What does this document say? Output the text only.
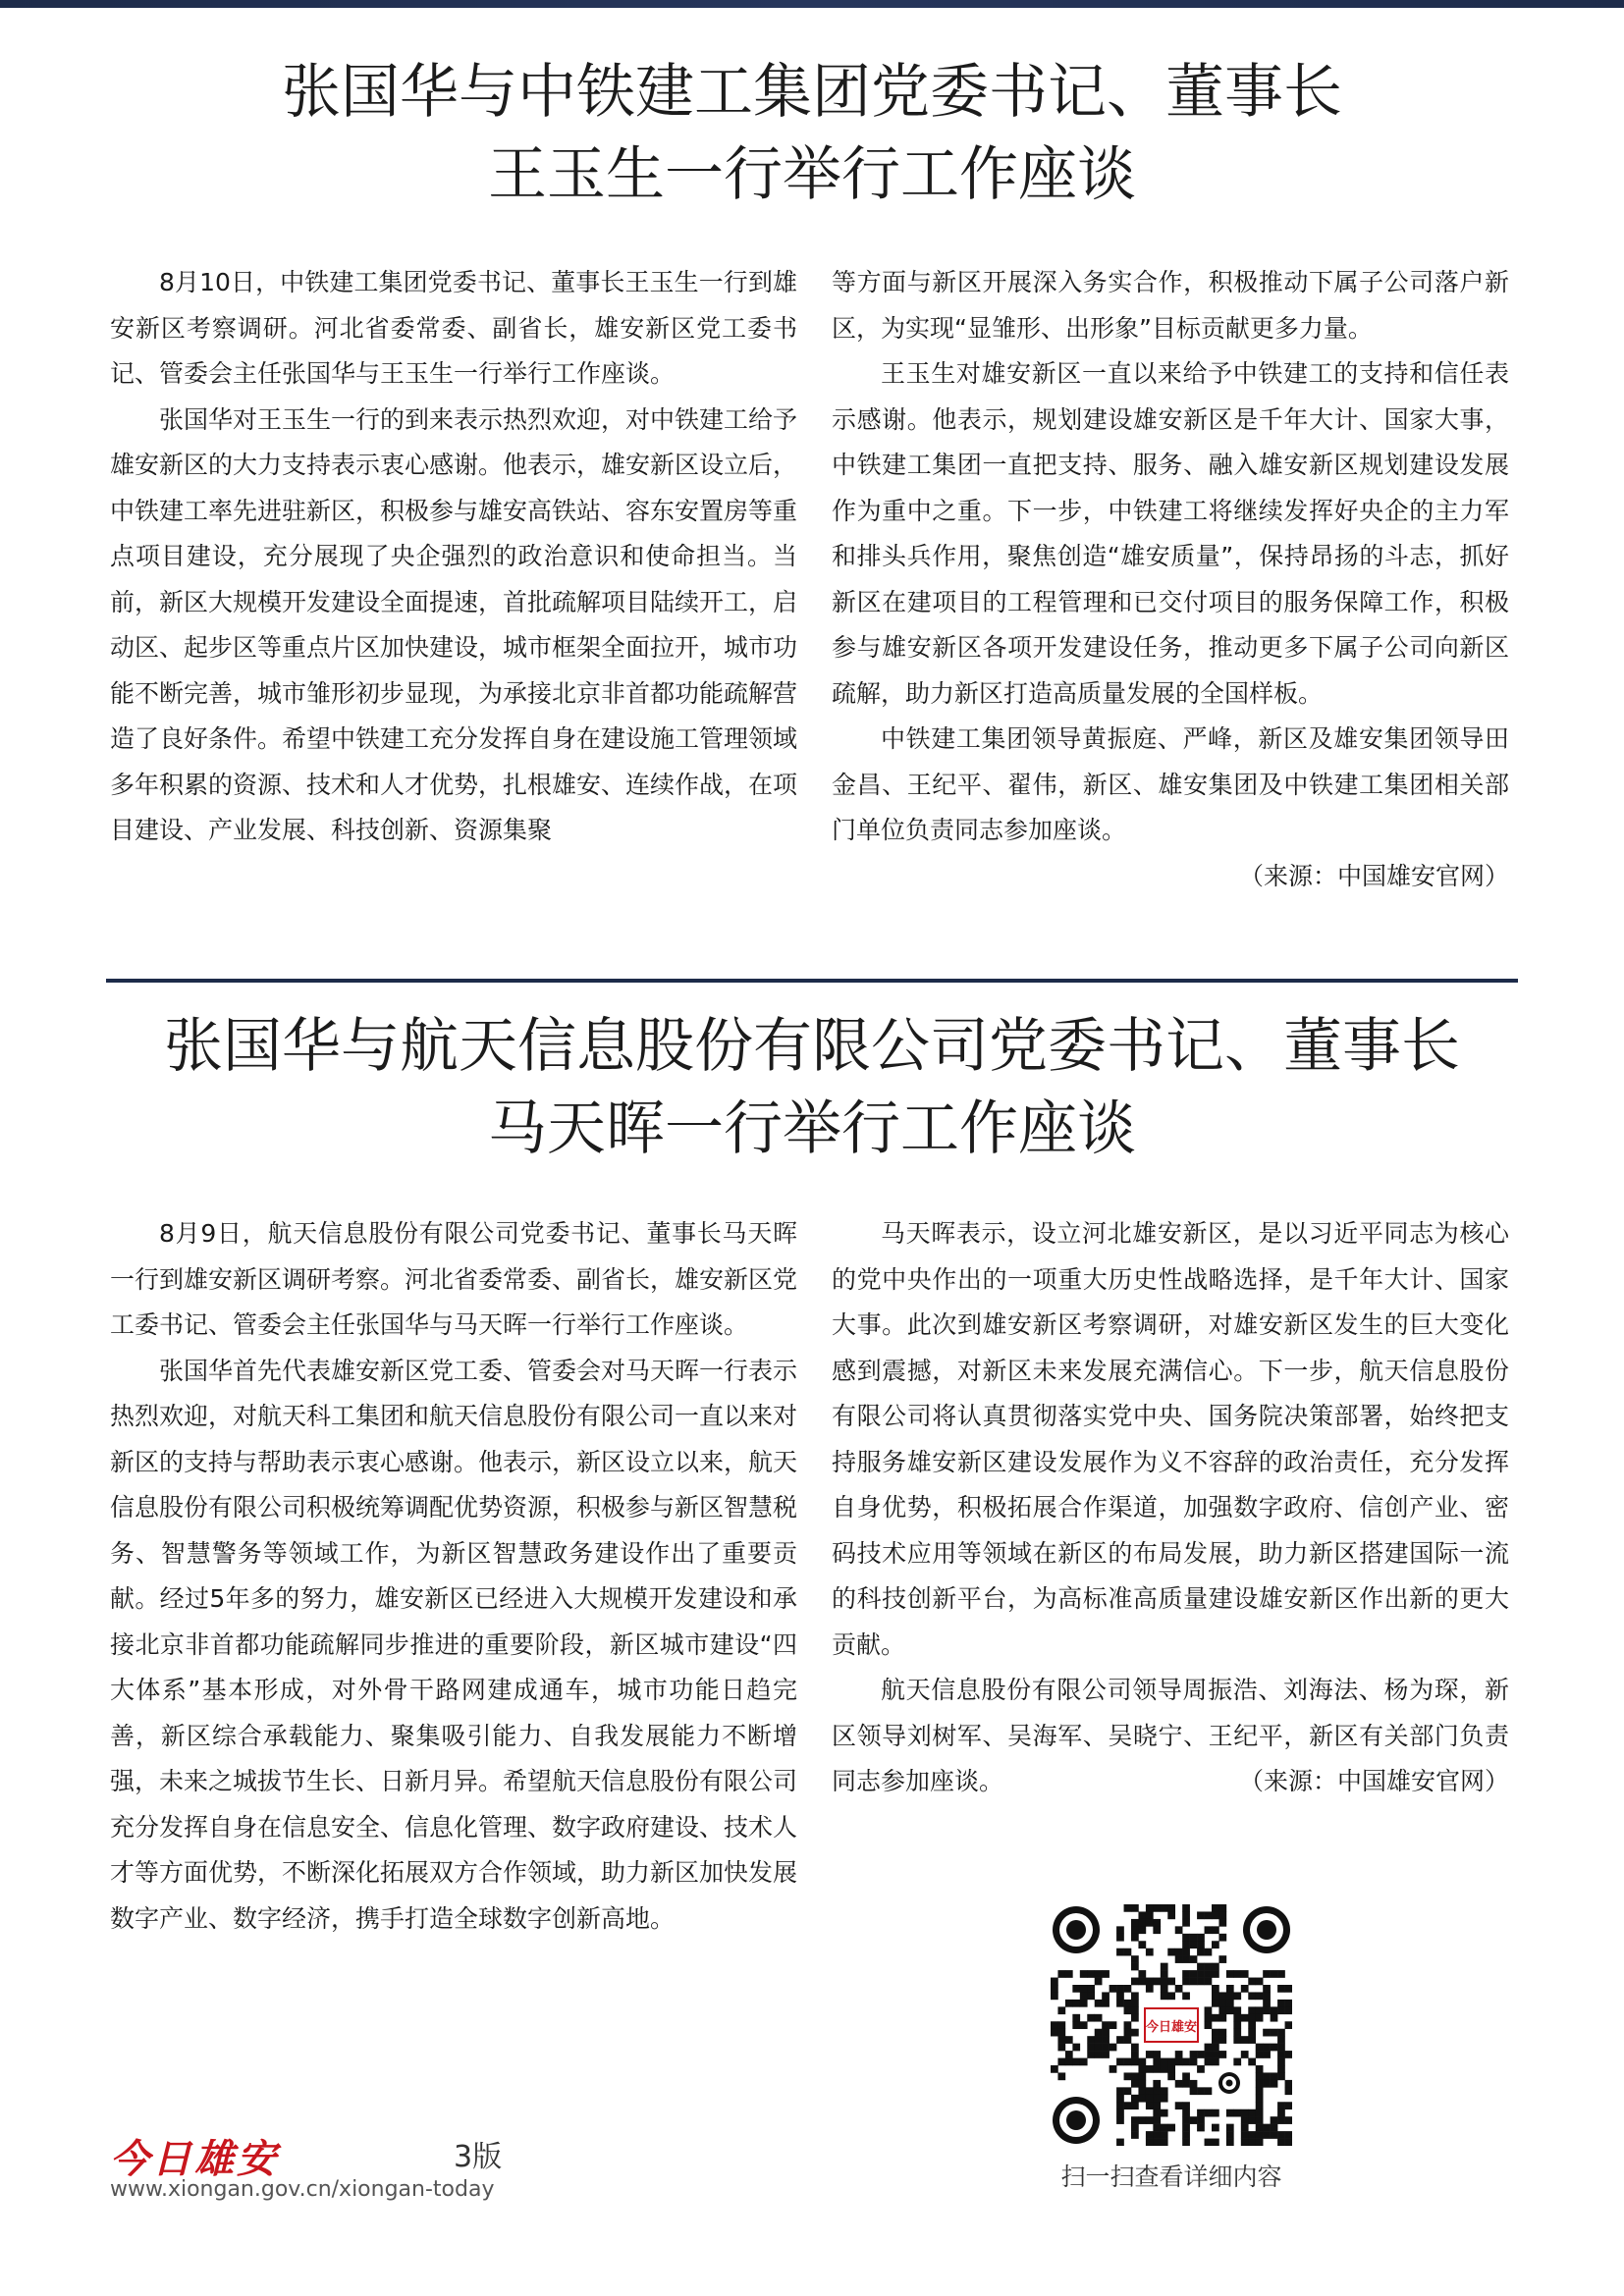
张国华与中铁建工集团党委书记、董事长
王玉生一行举行工作座谈

8月10日，中铁建工集团党委书记、董事长王玉生一行到雄安新区考察调研。河北省委常委、副省长，雄安新区党工委书记、管委会主任张国华与王玉生一行举行工作座谈。

张国华对王玉生一行的到来表示热烈欢迎，对中铁建工给予雄安新区的大力支持表示衷心感谢。他表示，雄安新区设立后，中铁建工率先进驻新区，积极参与雄安高铁站、容东安置房等重点项目建设，充分展现了央企强烈的政治意识和使命担当。当前，新区大规模开发建设全面提速，首批疏解项目陆续开工，启动区、起步区等重点片区加快建设，城市框架全面拉开，城市功能不断完善，城市雏形初步显现，为承接北京非首都功能疏解营造了良好条件。希望中铁建工充分发挥自身在建设施工管理领域多年积累的资源、技术和人才优势，扎根雄安、连续作战，在项目建设、产业发展、科技创新、资源集聚

等方面与新区开展深入务实合作，积极推动下属子公司落户新区，为实现“显雏形、出形象”目标贡献更多力量。

王玉生对雄安新区一直以来给予中铁建工的支持和信任表示感谢。他表示，规划建设雄安新区是千年大计、国家大事，中铁建工集团一直把支持、服务、融入雄安新区规划建设发展作为重中之重。下一步，中铁建工将继续发挥好央企的主力军和排头兵作用，聚焦创造“雄安质量”，保持昂扬的斗志，抓好新区在建项目的工程管理和已交付项目的服务保障工作，积极参与雄安新区各项开发建设任务，推动更多下属子公司向新区疏解，助力新区打造高质量发展的全国样板。

中铁建工集团领导黄振庭、严峰，新区及雄安集团领导田金昌、王纪平、翟伟，新区、雄安集团及中铁建工集团相关部门单位负责同志参加座谈。

（来源：中国雄安官网）

张国华与航天信息股份有限公司党委书记、董事长
马天晖一行举行工作座谈

8月9日，航天信息股份有限公司党委书记、董事长马天晖一行到雄安新区调研考察。河北省委常委、副省长，雄安新区党工委书记、管委会主任张国华与马天晖一行举行工作座谈。

张国华首先代表雄安新区党工委、管委会对马天晖一行表示热烈欢迎，对航天科工集团和航天信息股份有限公司一直以来对新区的支持与帮助表示衷心感谢。他表示，新区设立以来，航天信息股份有限公司积极统筹调配优势资源，积极参与新区智慧税务、智慧警务等领域工作，为新区智慧政务建设作出了重要贡献。经过5年多的努力，雄安新区已经进入大规模开发建设和承接北京非首都功能疏解同步推进的重要阶段，新区城市建设“四大体系”基本形成，对外骨干路网建成通车，城市功能日趋完善，新区综合承载能力、聚集吸引能力、自我发展能力不断增强，未来之城拔节生长、日新月异。希望航天信息股份有限公司充分发挥自身在信息安全、信息化管理、数字政府建设、技术人才等方面优势，不断深化拓展双方合作领域，助力新区加快发展数字产业、数字经济，携手打造全球数字创新高地。

马天晖表示，设立河北雄安新区，是以习近平同志为核心的党中央作出的一项重大历史性战略选择，是千年大计、国家大事。此次到雄安新区考察调研，对雄安新区发生的巨大变化感到震撼，对新区未来发展充满信心。下一步，航天信息股份有限公司将认真贯彻落实党中央、国务院决策部署，始终把支持服务雄安新区建设发展作为义不容辞的政治责任，充分发挥自身优势，积极拓展合作渠道，加强数字政府、信创产业、密码技术应用等领域在新区的布局发展，助力新区搭建国际一流的科技创新平台，为高标准高质量建设雄安新区作出新的更大贡献。

航天信息股份有限公司领导周振浩、刘海法、杨为琛，新区领导刘树军、吴海军、吴晓宁、王纪平，新区有关部门负责同志参加座谈。	（来源：中国雄安官网）

今日雄安
扫一扫查看详细内容
今日雄安	3版
www.xiongan.gov.cn/xiongan-today
